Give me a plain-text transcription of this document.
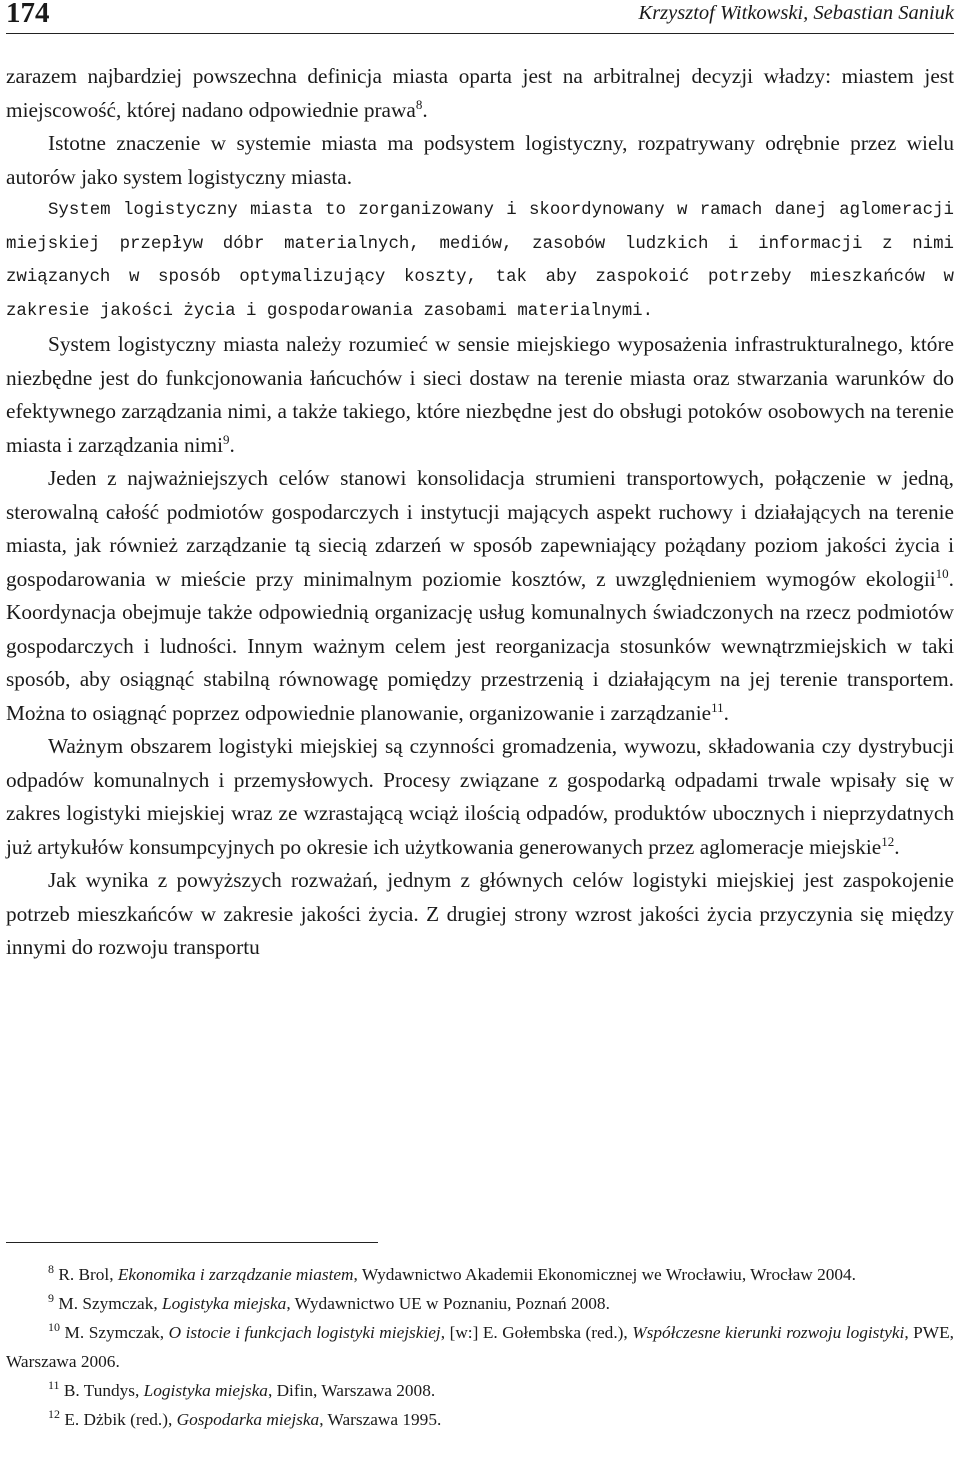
174	Krzysztof Witkowski, Sebastian Saniuk

zarazem najbardziej powszechna definicja miasta oparta jest na arbitralnej decyzji władzy: miastem jest miejscowość, której nadano odpowiednie prawa$^8$.

Istotne znaczenie w systemie miasta ma podsystem logistyczny, rozpatrywany odrębnie przez wielu autorów jako system logistyczny miasta.

System logistyczny miasta to zorganizowany i skoordynowany w ramach danej aglomeracji miejskiej przepływ dóbr materialnych, mediów, zasobów ludzkich i informacji z nimi związanych w sposób optymalizujący koszty, tak aby zaspokoić potrzeby mieszkańców w zakresie jakości życia i gospodarowania zasobami materialnymi.

System logistyczny miasta należy rozumieć w sensie miejskiego wyposażenia infrastrukturalnego, które niezbędne jest do funkcjonowania łańcuchów i sieci dostaw na terenie miasta oraz stwarzania warunków do efektywnego zarządzania nimi, a także takiego, które niezbędne jest do obsługi potoków osobowych na terenie miasta i zarządzania nimi$^9$.

Jeden z najważniejszych celów stanowi konsolidacja strumieni transportowych, połączenie w jedną, sterowalną całość podmiotów gospodarczych i instytucji mających aspekt ruchowy i działających na terenie miasta, jak również zarządzanie tą siecią zdarzeń w sposób zapewniający pożądany poziom jakości życia i gospodarowania w mieście przy minimalnym poziomie kosztów, z uwzględnieniem wymogów ekologii$^{10}$. Koordynacja obejmuje także odpowiednią organizację usług komunalnych świadczonych na rzecz podmiotów gospodarczych i ludności. Innym ważnym celem jest reorganizacja stosunków wewnątrzmiejskich w taki sposób, aby osiągnąć stabilną równowagę pomiędzy przestrzenią i działającym na jej terenie transportem. Można to osiągnąć poprzez odpowiednie planowanie, organizowanie i zarządzanie$^{11}$.

Ważnym obszarem logistyki miejskiej są czynności gromadzenia, wywozu, składowania czy dystrybucji odpadów komunalnych i przemysłowych. Procesy związane z gospodarką odpadami trwale wpisały się w zakres logistyki miejskiej wraz ze wzrastającą wciąż ilością odpadów, produktów ubocznych i nieprzydatnych już artykułów konsumpcyjnych po okresie ich użytkowania generowanych przez aglomeracje miejskie$^{12}$.

Jak wynika z powyższych rozważań, jednym z głównych celów logistyki miejskiej jest zaspokojenie potrzeb mieszkańców w zakresie jakości życia. Z drugiej strony wzrost jakości życia przyczynia się między innymi do rozwoju transportu

$^8$ R. Brol, Ekonomika i zarządzanie miastem, Wydawnictwo Akademii Ekonomicznej we Wrocławiu, Wrocław 2004.

$^9$ M. Szymczak, Logistyka miejska, Wydawnictwo UE w Poznaniu, Poznań 2008.

$^{10}$ M. Szymczak, O istocie i funkcjach logistyki miejskiej, [w:] E. Gołembska (red.), Współczesne kierunki rozwoju logistyki, PWE, Warszawa 2006.

$^{11}$ B. Tundys, Logistyka miejska, Difin, Warszawa 2008.

$^{12}$ E. Dżbik (red.), Gospodarka miejska, Warszawa 1995.
